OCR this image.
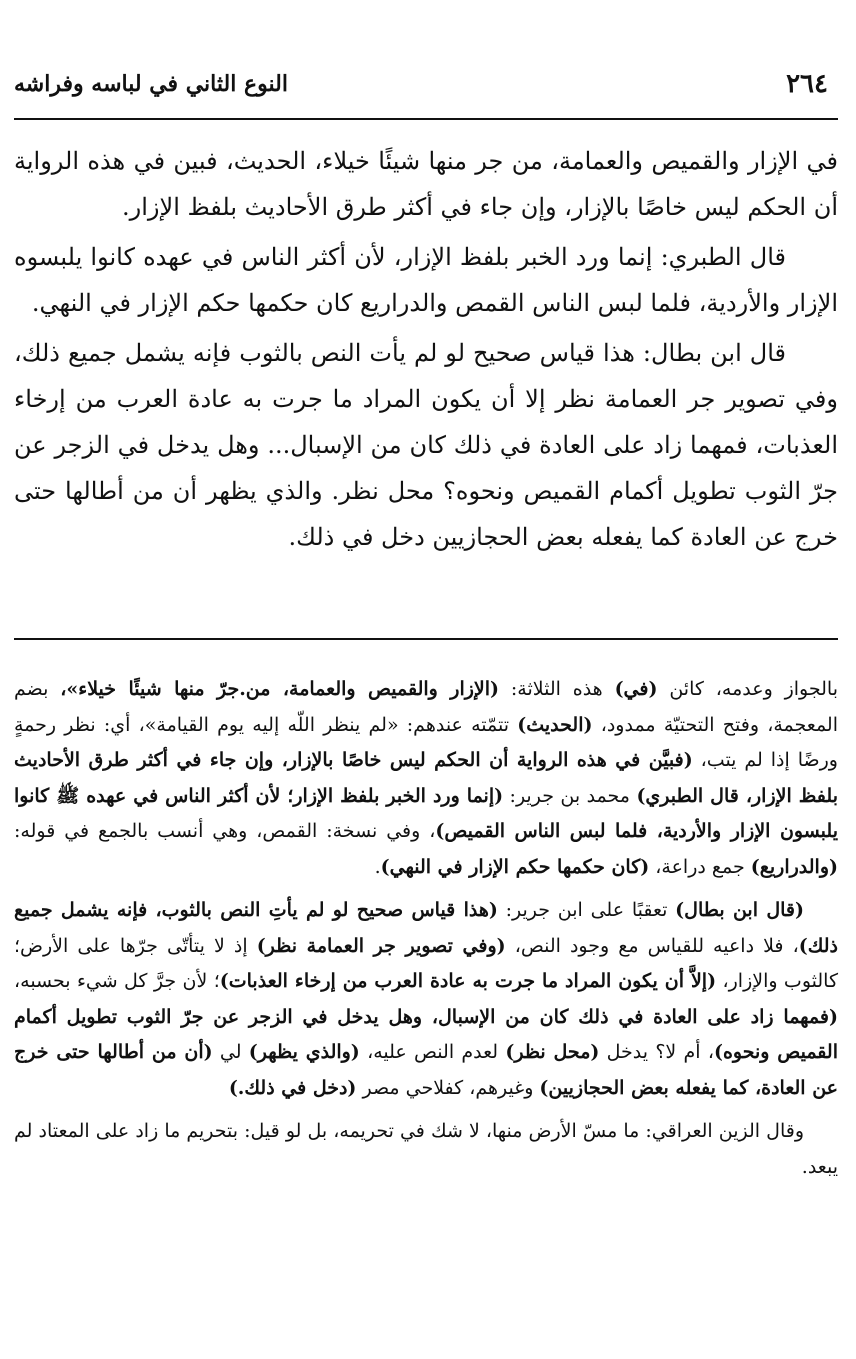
٢٦٤
النوع الثاني في لباسه وفراشه

في الإزار والقميص والعمامة، من جر منها شيئًا خيلاء، الحديث، فبين في هذه الرواية أن الحكم ليس خاصًا بالإزار، وإن جاء في أكثر طرق الأحاديث بلفظ الإزار.

قال الطبري: إنما ورد الخبر بلفظ الإزار، لأن أكثر الناس في عهده كانوا يلبسوه الإزار والأردية، فلما لبس الناس القمص والدراريع كان حكمها حكم الإزار في النهي.

قال ابن بطال: هذا قياس صحيح لو لم يأت النص بالثوب فإنه يشمل جميع ذلك، وفي تصوير جر العمامة نظر إلا أن يكون المراد ما جرت به عادة العرب من إرخاء العذبات، فمهما زاد على العادة في ذلك كان من الإسبال... وهل يدخل في الزجر عن جرّ الثوب تطويل أكمام القميص ونحوه؟ محل نظر. والذي يظهر أن من أطالها حتى خرج عن العادة كما يفعله بعض الحجازيين دخل في ذلك.

بالجواز وعدمه، كائن (في) هذه الثلاثة: (الإزار والقميص والعمامة، من.جرّ منها شيئًا خيلاء»، بضم المعجمة، وفتح التحتيّة ممدود، (الحديث) تتمّته عندهم: «لم ينظر اللّه إليه يوم القيامة»، أي: نظر رحمةٍ ورضًا إذا لم يتب، (فبيَّن في هذه الرواية أن الحكم ليس خاصًا بالإزار، وإن جاء في أكثر طرق الأحاديث بلفظ الإزار، قال الطبري) محمد بن جرير: (إنما ورد الخبر بلفظ الإزار؛ لأن أكثر الناس في عهده ﷺ كانوا يلبسون الإزار والأردية، فلما لبس الناس القميص)، وفي نسخة: القمص، وهي أنسب بالجمع في قوله: (والدراريع) جمع دراعة، (كان حكمها حكم الإزار في النهي).

(قال ابن بطال) تعقبًا على ابن جرير: (هذا قياس صحيح لو لم يأتِ النص بالثوب، فإنه يشمل جميع ذلك)، فلا داعيه للقياس مع وجود النص، (وفي تصوير جر العمامة نظر) إذ لا يتأتّى جرّها على الأرض؛ كالثوب والإزار، (إلاَّ أن يكون المراد ما جرت به عادة العرب من إرخاء العذبات)؛ لأن جرَّ كل شيء بحسبه، (فمهما زاد على العادة في ذلك كان من الإسبال، وهل يدخل في الزجر عن جرّ الثوب تطويل أكمام القميص ونحوه)، أم لا؟ يدخل (محل نظر) لعدم النص عليه، (والذي يظهر) لي (أن من أطالها حتى خرج عن العادة، كما يفعله بعض الحجازيين) وغيرهم، كفلاحي مصر (دخل في ذلك.)

وقال الزين العراقي: ما مسّ الأرض منها، لا شك في تحريمه، بل لو قيل: بتحريم ما زاد على المعتاد لم يبعد.
